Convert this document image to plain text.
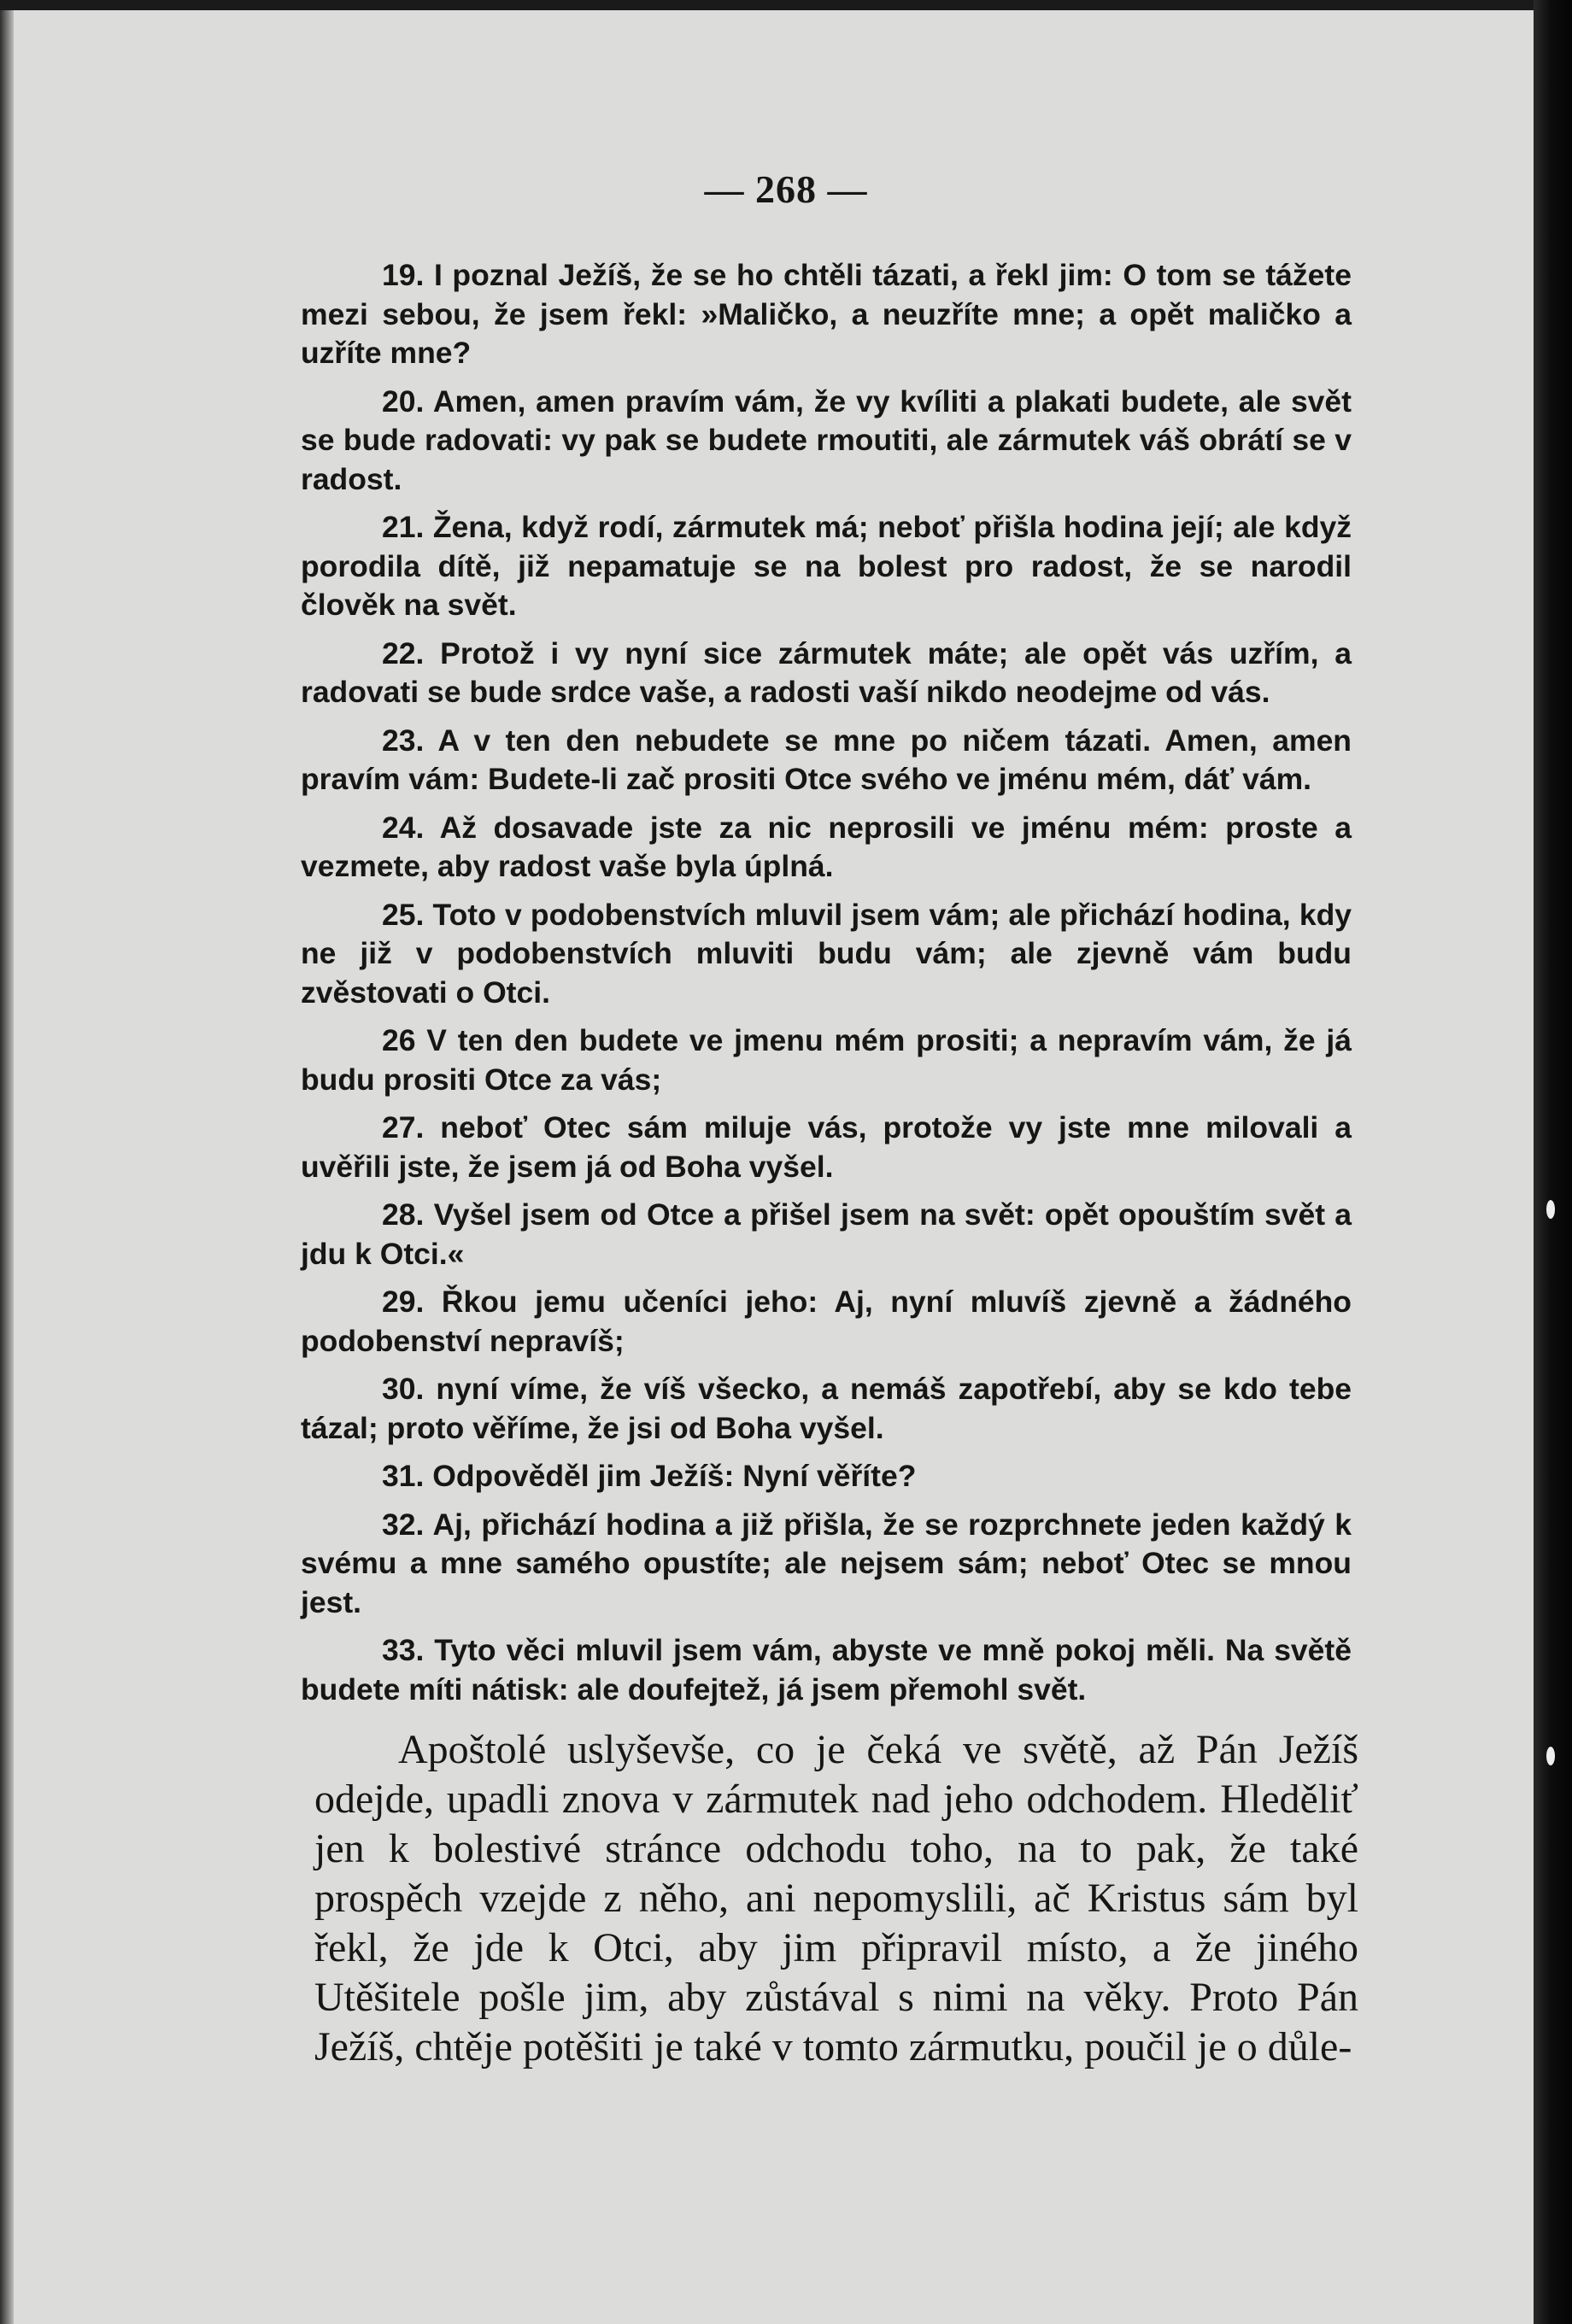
— 268 —

19. I poznal Ježíš, že se ho chtěli tázati, a řekl jim: O tom se tážete mezi sebou, že jsem řekl: »Maličko, a neuzříte mne; a opět maličko a uzříte mne?

20. Amen, amen pravím vám, že vy kvíliti a plakati budete, ale svět se bude radovati: vy pak se budete rmoutiti, ale zármutek váš obrátí se v radost.

21. Žena, když rodí, zármutek má; neboť přišla hodina její; ale když porodila dítě, již nepamatuje se na bolest pro radost, že se narodil člověk na svět.

22. Protož i vy nyní sice zármutek máte; ale opět vás uzřím, a radovati se bude srdce vaše, a radosti vaší nikdo neodejme od vás.

23. A v ten den nebudete se mne po ničem tázati. Amen, amen pravím vám: Budete-li zač prositi Otce svého ve jménu mém, dáť vám.

24. Až dosavade jste za nic neprosili ve jménu mém: proste a vezmete, aby radost vaše byla úplná.

25. Toto v podobenstvích mluvil jsem vám; ale přichází hodina, kdy ne již v podobenstvích mluviti budu vám; ale zjevně vám budu zvěstovati o Otci.

26 V ten den budete ve jmenu mém prositi; a nepravím vám, že já budu prositi Otce za vás;

27. neboť Otec sám miluje vás, protože vy jste mne milovali a uvěřili jste, že jsem já od Boha vyšel.

28. Vyšel jsem od Otce a přišel jsem na svět: opět opouštím svět a jdu k Otci.«

29. Řkou jemu učeníci jeho: Aj, nyní mluvíš zjevně a žádného podobenství nepravíš;

30. nyní víme, že víš všecko, a nemáš zapotřebí, aby se kdo tebe tázal; proto věříme, že jsi od Boha vyšel.

31. Odpověděl jim Ježíš: Nyní věříte?

32. Aj, přichází hodina a již přišla, že se rozprchnete jeden každý k svému a mne samého opustíte; ale nejsem sám; neboť Otec se mnou jest.

33. Tyto věci mluvil jsem vám, abyste ve mně pokoj měli. Na světě budete míti nátisk: ale doufejtež, já jsem přemohl svět.

Apoštolé uslyševše, co je čeká ve světě, až Pán Ježíš odejde, upadli znova v zármutek nad jeho odchodem. Hleděliť jen k bolestivé stránce odchodu toho, na to pak, že také prospěch vzejde z něho, ani nepomyslili, ač Kristus sám byl řekl, že jde k Otci, aby jim připravil místo, a že jiného Utěšitele pošle jim, aby zůstával s nimi na věky. Proto Pán Ježíš, chtěje potěšiti je také v tomto zármutku, poučil je o důle-
